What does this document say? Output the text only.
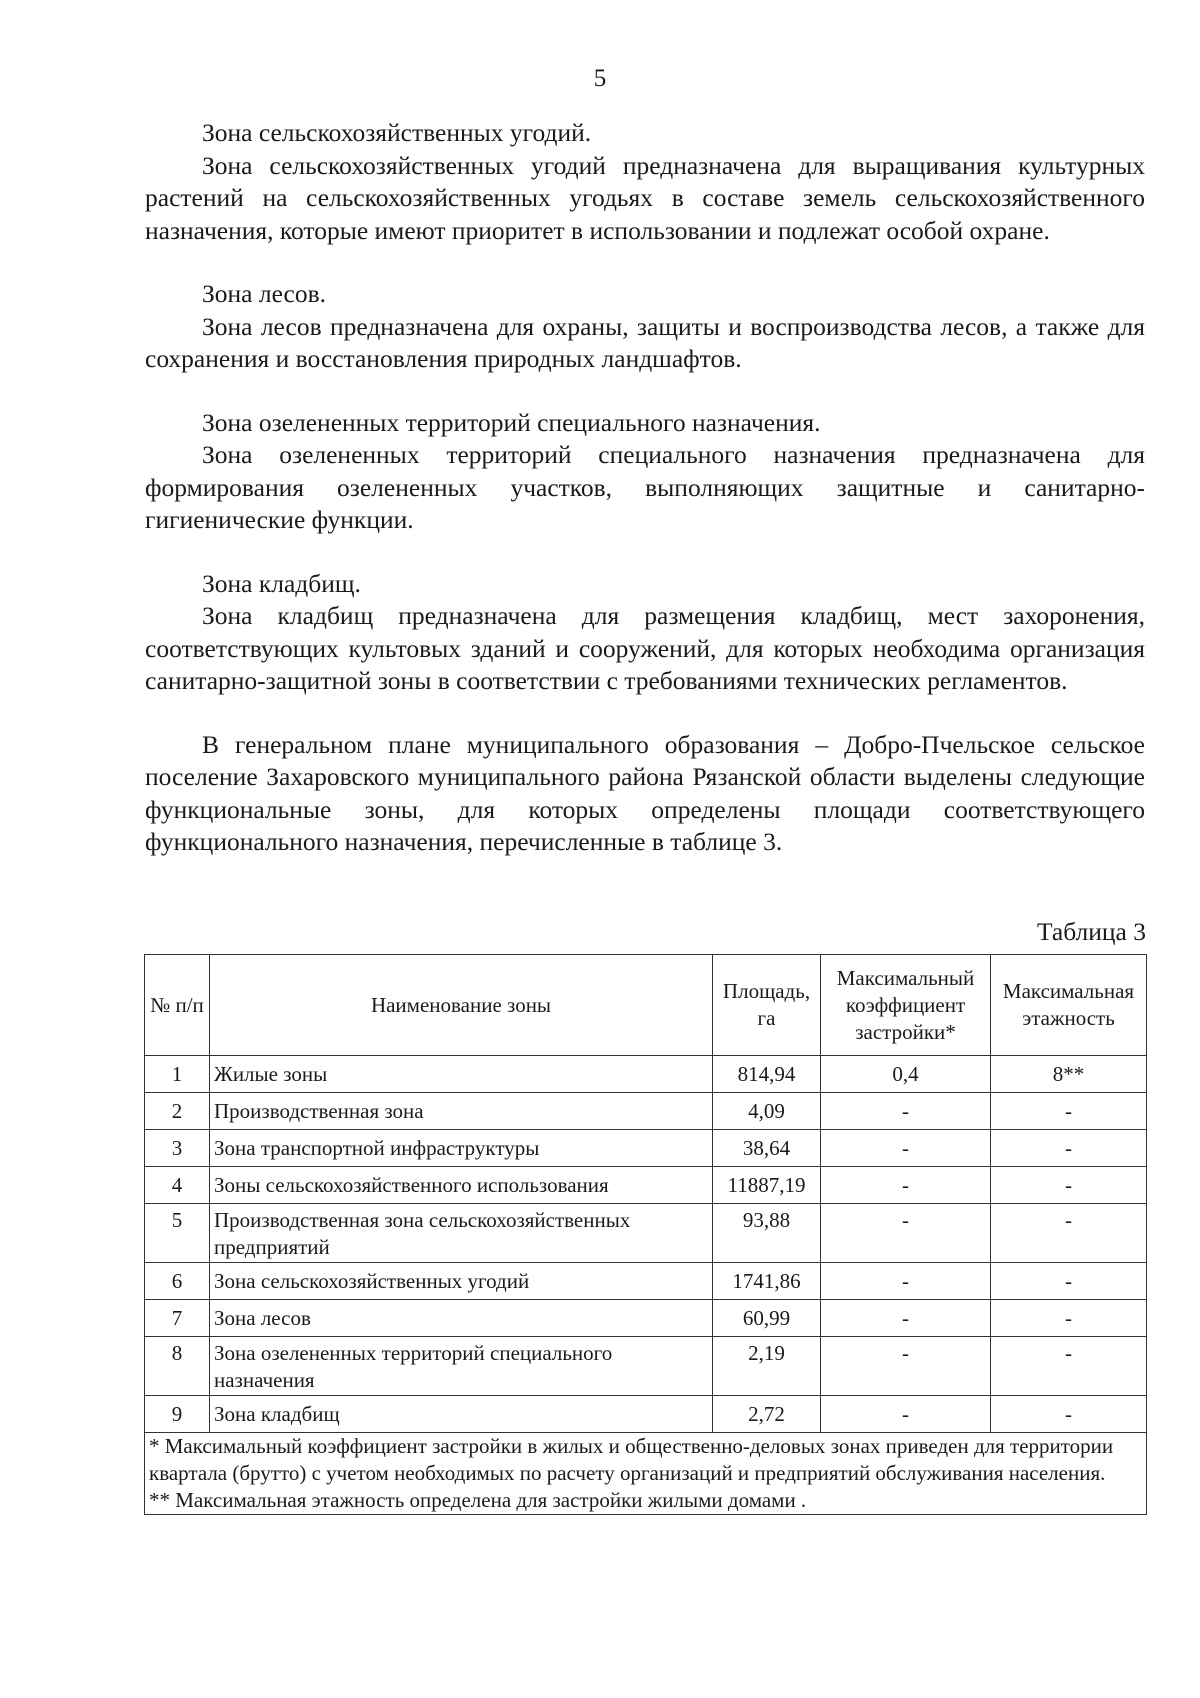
5

Зона сельскохозяйственных угодий.

Зона сельскохозяйственных угодий предназначена для выращивания культурных растений на сельскохозяйственных угодьях в составе земель сельскохозяйственного назначения, которые имеют приоритет в использовании и подлежат особой охране.

Зона лесов.

Зона лесов предназначена для охраны, защиты и воспроизводства лесов, а также для сохранения и восстановления природных ландшафтов.

Зона озелененных территорий специального назначения.

Зона озелененных территорий специального назначения предназначена для формирования озелененных участков, выполняющих защитные и санитарно-гигиенические функции.

Зона кладбищ.

Зона кладбищ предназначена для размещения кладбищ, мест захоронения, соответствующих культовых зданий и сооружений, для которых необходима организация санитарно-защитной зоны в соответствии с требованиями технических регламентов.

В генеральном плане муниципального образования – Добро-Пчельское сельское поселение Захаровского муниципального района Рязанской области выделены следующие функциональные зоны, для которых определены площади соответствующего функционального назначения, перечисленные в таблице 3.

Таблица 3
№ п/п	Наименование зоны	Площадь, га	Максимальный коэффициент застройки*	Максимальная этажность
1	Жилые зоны	814,94	0,4	8**
2	Производственная зона	4,09	-	-
3	Зона транспортной инфраструктуры	38,64	-	-
4	Зоны сельскохозяйственного использования	11887,19	-	-
5	Производственная зона сельскохозяйственных предприятий	93,88	-	-
6	Зона сельскохозяйственных угодий	1741,86	-	-
7	Зона лесов	60,99	-	-
8	Зона озелененных территорий специального назначения	2,19	-	-
9	Зона кладбищ	2,72	-	-

* Максимальный коэффициент застройки в жилых и общественно-деловых зонах приведен для территории квартала (брутто) с учетом необходимых по расчету организаций и предприятий обслуживания населения.
** Максимальная этажность определена для застройки жилыми домами .				
